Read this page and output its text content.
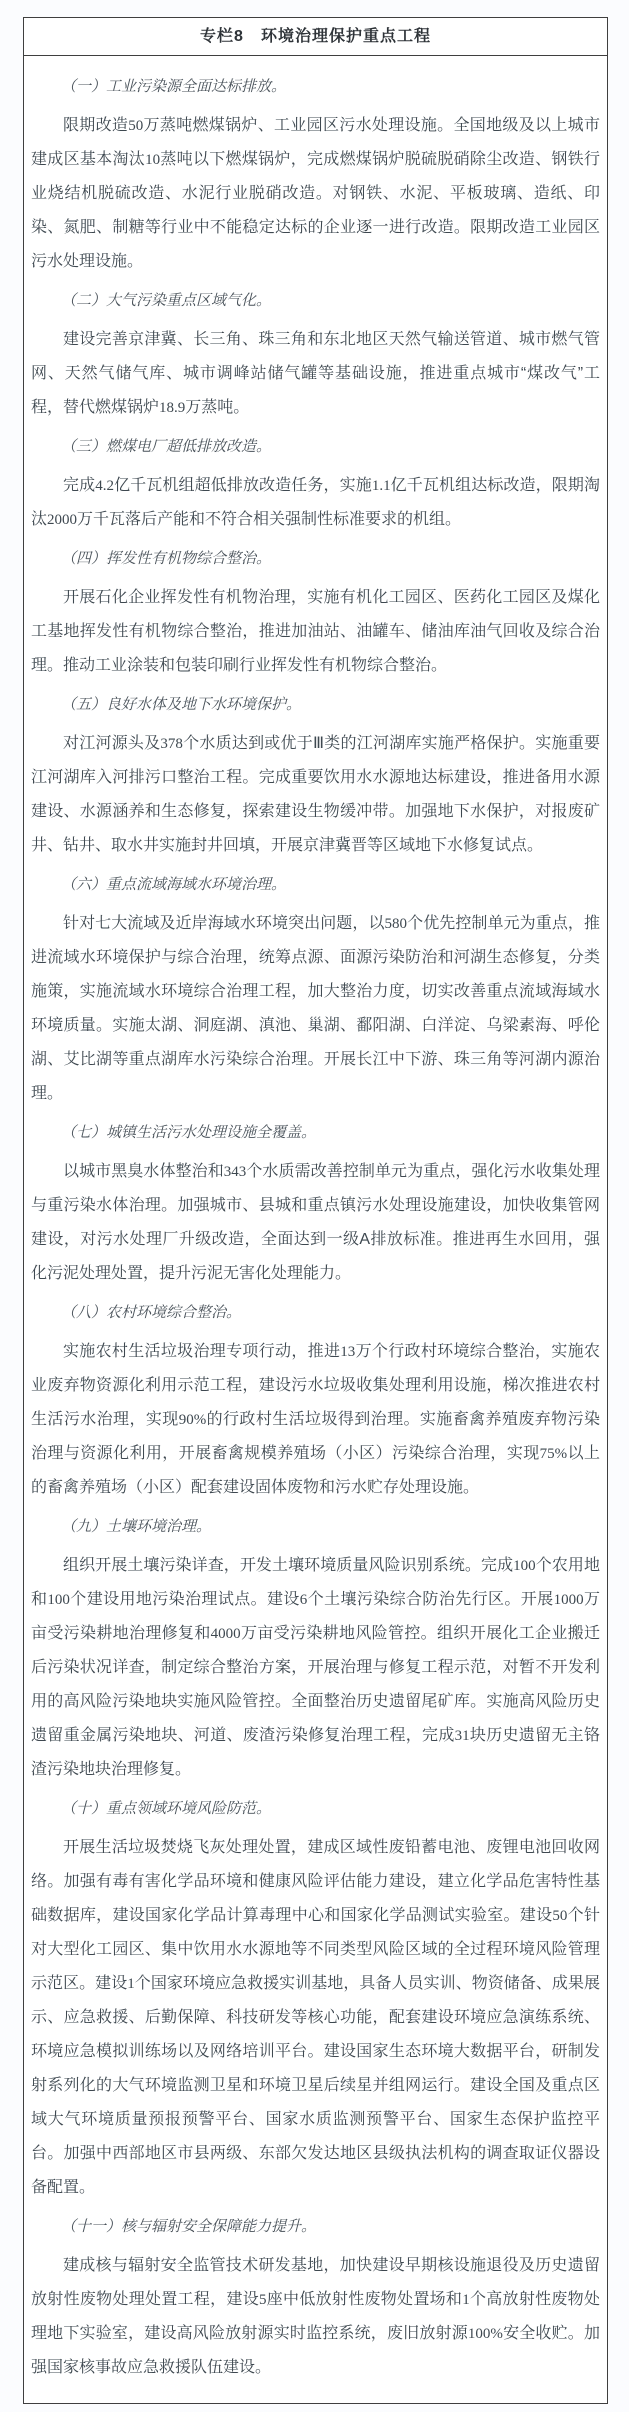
专栏8　环境治理保护重点工程

（一）工业污染源全面达标排放。

限期改造50万蒸吨燃煤锅炉、工业园区污水处理设施。全国地级及以上城市建成区基本淘汰10蒸吨以下燃煤锅炉，完成燃煤锅炉脱硫脱硝除尘改造、钢铁行业烧结机脱硫改造、水泥行业脱硝改造。对钢铁、水泥、平板玻璃、造纸、印染、氮肥、制糖等行业中不能稳定达标的企业逐一进行改造。限期改造工业园区污水处理设施。

（二）大气污染重点区域气化。

建设完善京津冀、长三角、珠三角和东北地区天然气输送管道、城市燃气管网、天然气储气库、城市调峰站储气罐等基础设施，推进重点城市“煤改气”工程，替代燃煤锅炉18.9万蒸吨。

（三）燃煤电厂超低排放改造。

完成4.2亿千瓦机组超低排放改造任务，实施1.1亿千瓦机组达标改造，限期淘汰2000万千瓦落后产能和不符合相关强制性标准要求的机组。

（四）挥发性有机物综合整治。

开展石化企业挥发性有机物治理，实施有机化工园区、医药化工园区及煤化工基地挥发性有机物综合整治，推进加油站、油罐车、储油库油气回收及综合治理。推动工业涂装和包装印刷行业挥发性有机物综合整治。

（五）良好水体及地下水环境保护。

对江河源头及378个水质达到或优于Ⅲ类的江河湖库实施严格保护。实施重要江河湖库入河排污口整治工程。完成重要饮用水水源地达标建设，推进备用水源建设、水源涵养和生态修复，探索建设生物缓冲带。加强地下水保护，对报废矿井、钻井、取水井实施封井回填，开展京津冀晋等区域地下水修复试点。

（六）重点流域海域水环境治理。

针对七大流域及近岸海域水环境突出问题，以580个优先控制单元为重点，推进流域水环境保护与综合治理，统筹点源、面源污染防治和河湖生态修复，分类施策，实施流域水环境综合治理工程，加大整治力度，切实改善重点流域海域水环境质量。实施太湖、洞庭湖、滇池、巢湖、鄱阳湖、白洋淀、乌梁素海、呼伦湖、艾比湖等重点湖库水污染综合治理。开展长江中下游、珠三角等河湖内源治理。

（七）城镇生活污水处理设施全覆盖。

以城市黑臭水体整治和343个水质需改善控制单元为重点，强化污水收集处理与重污染水体治理。加强城市、县城和重点镇污水处理设施建设，加快收集管网建设，对污水处理厂升级改造，全面达到一级A排放标准。推进再生水回用，强化污泥处理处置，提升污泥无害化处理能力。

（八）农村环境综合整治。

实施农村生活垃圾治理专项行动，推进13万个行政村环境综合整治，实施农业废弃物资源化利用示范工程，建设污水垃圾收集处理利用设施，梯次推进农村生活污水治理，实现90%的行政村生活垃圾得到治理。实施畜禽养殖废弃物污染治理与资源化利用，开展畜禽规模养殖场（小区）污染综合治理，实现75%以上的畜禽养殖场（小区）配套建设固体废物和污水贮存处理设施。

（九）土壤环境治理。

组织开展土壤污染详查，开发土壤环境质量风险识别系统。完成100个农用地和100个建设用地污染治理试点。建设6个土壤污染综合防治先行区。开展1000万亩受污染耕地治理修复和4000万亩受污染耕地风险管控。组织开展化工企业搬迁后污染状况详查，制定综合整治方案，开展治理与修复工程示范，对暂不开发利用的高风险污染地块实施风险管控。全面整治历史遗留尾矿库。实施高风险历史遗留重金属污染地块、河道、废渣污染修复治理工程，完成31块历史遗留无主铬渣污染地块治理修复。

（十）重点领域环境风险防范。

开展生活垃圾焚烧飞灰处理处置，建成区域性废铅蓄电池、废锂电池回收网络。加强有毒有害化学品环境和健康风险评估能力建设，建立化学品危害特性基础数据库，建设国家化学品计算毒理中心和国家化学品测试实验室。建设50个针对大型化工园区、集中饮用水水源地等不同类型风险区域的全过程环境风险管理示范区。建设1个国家环境应急救援实训基地，具备人员实训、物资储备、成果展示、应急救援、后勤保障、科技研发等核心功能，配套建设环境应急演练系统、环境应急模拟训练场以及网络培训平台。建设国家生态环境大数据平台，研制发射系列化的大气环境监测卫星和环境卫星后续星并组网运行。建设全国及重点区域大气环境质量预报预警平台、国家水质监测预警平台、国家生态保护监控平台。加强中西部地区市县两级、东部欠发达地区县级执法机构的调查取证仪器设备配置。

（十一）核与辐射安全保障能力提升。

建成核与辐射安全监管技术研发基地，加快建设早期核设施退役及历史遗留放射性废物处理处置工程，建设5座中低放射性废物处置场和1个高放射性废物处理地下实验室，建设高风险放射源实时监控系统，废旧放射源100%安全收贮。加强国家核事故应急救援队伍建设。
